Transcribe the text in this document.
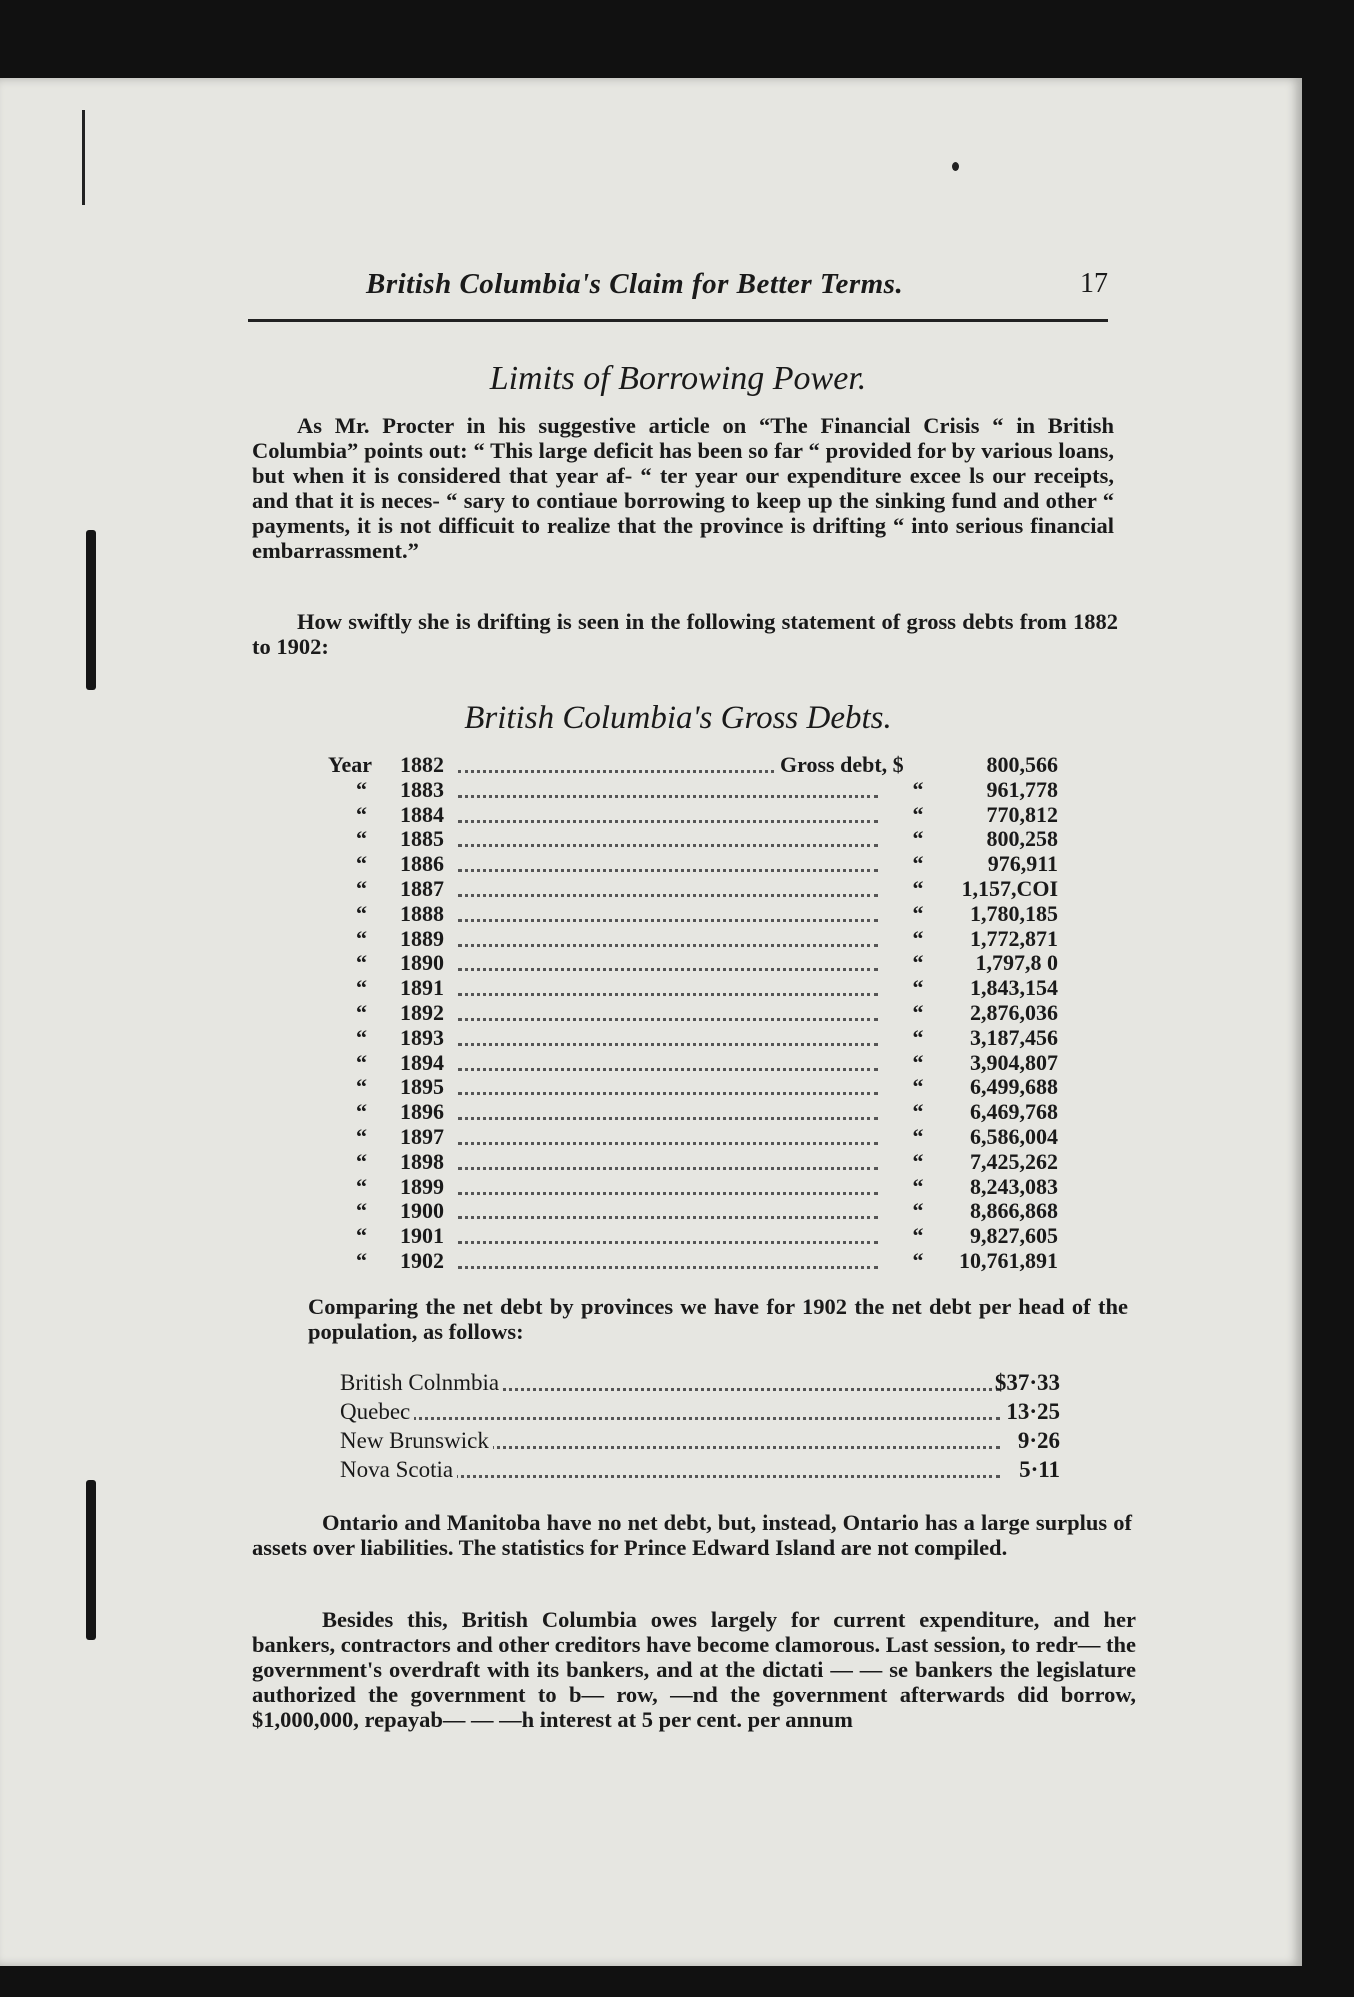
British Columbia's Claim for Better Terms.	17
Limits of Borrowing Power.
As Mr. Procter in his suggestive article on “The Financial Crisis “ in British Columbia” points out: “ This large deficit has been so far “ provided for by various loans, but when it is considered that year af- “ ter year our expenditure excee ls our receipts, and that it is neces- “ sary to contiaue borrowing to keep up the sinking fund and other “ payments, it is not difficuit to realize that the province is drifting “ into serious financial embarrassment.”
How swiftly she is drifting is seen in the following statement of gross debts from 1882 to 1902:
British Columbia's Gross Debts.
Year	1882	Gross debt, $	800,566
“	1883	“	961,778
“	1884	“	770,812
“	1885	“	800,258
“	1886	“	976,911
“	1887	“	1,157,COI
“	1888	“	1,780,185
“	1889	“	1,772,871
“	1890	“	1,797,8 0
“	1891	“	1,843,154
“	1892	“	2,876,036
“	1893	“	3,187,456
“	1894	“	3,904,807
“	1895	“	6,499,688
“	1896	“	6,469,768
“	1897	“	6,586,004
“	1898	“	7,425,262
“	1899	“	8,243,083
“	1900	“	8,866,868
“	1901	“	9,827,605
“	1902	“	10,761,891
Comparing the net debt by provinces we have for 1902 the net debt per head of the population, as follows:
British Colnmbia	$37·33
Quebec	13·25
New Brunswick	9·26
Nova Scotia	5·11
Ontario and Manitoba have no net debt, but, instead, Ontario has a large surplus of assets over liabilities. The statistics for Prince Edward Island are not compiled.
Besides this, British Columbia owes largely for current expenditure, and her bankers, contractors and other creditors have become clamorous. Last session, to redr— the government's overdraft with its bankers, and at the dictati — — se bankers the legislature authorized the government to b— row, —nd the government afterwards did borrow, $1,000,000, repayab— — —h interest at 5 per cent. per annum
